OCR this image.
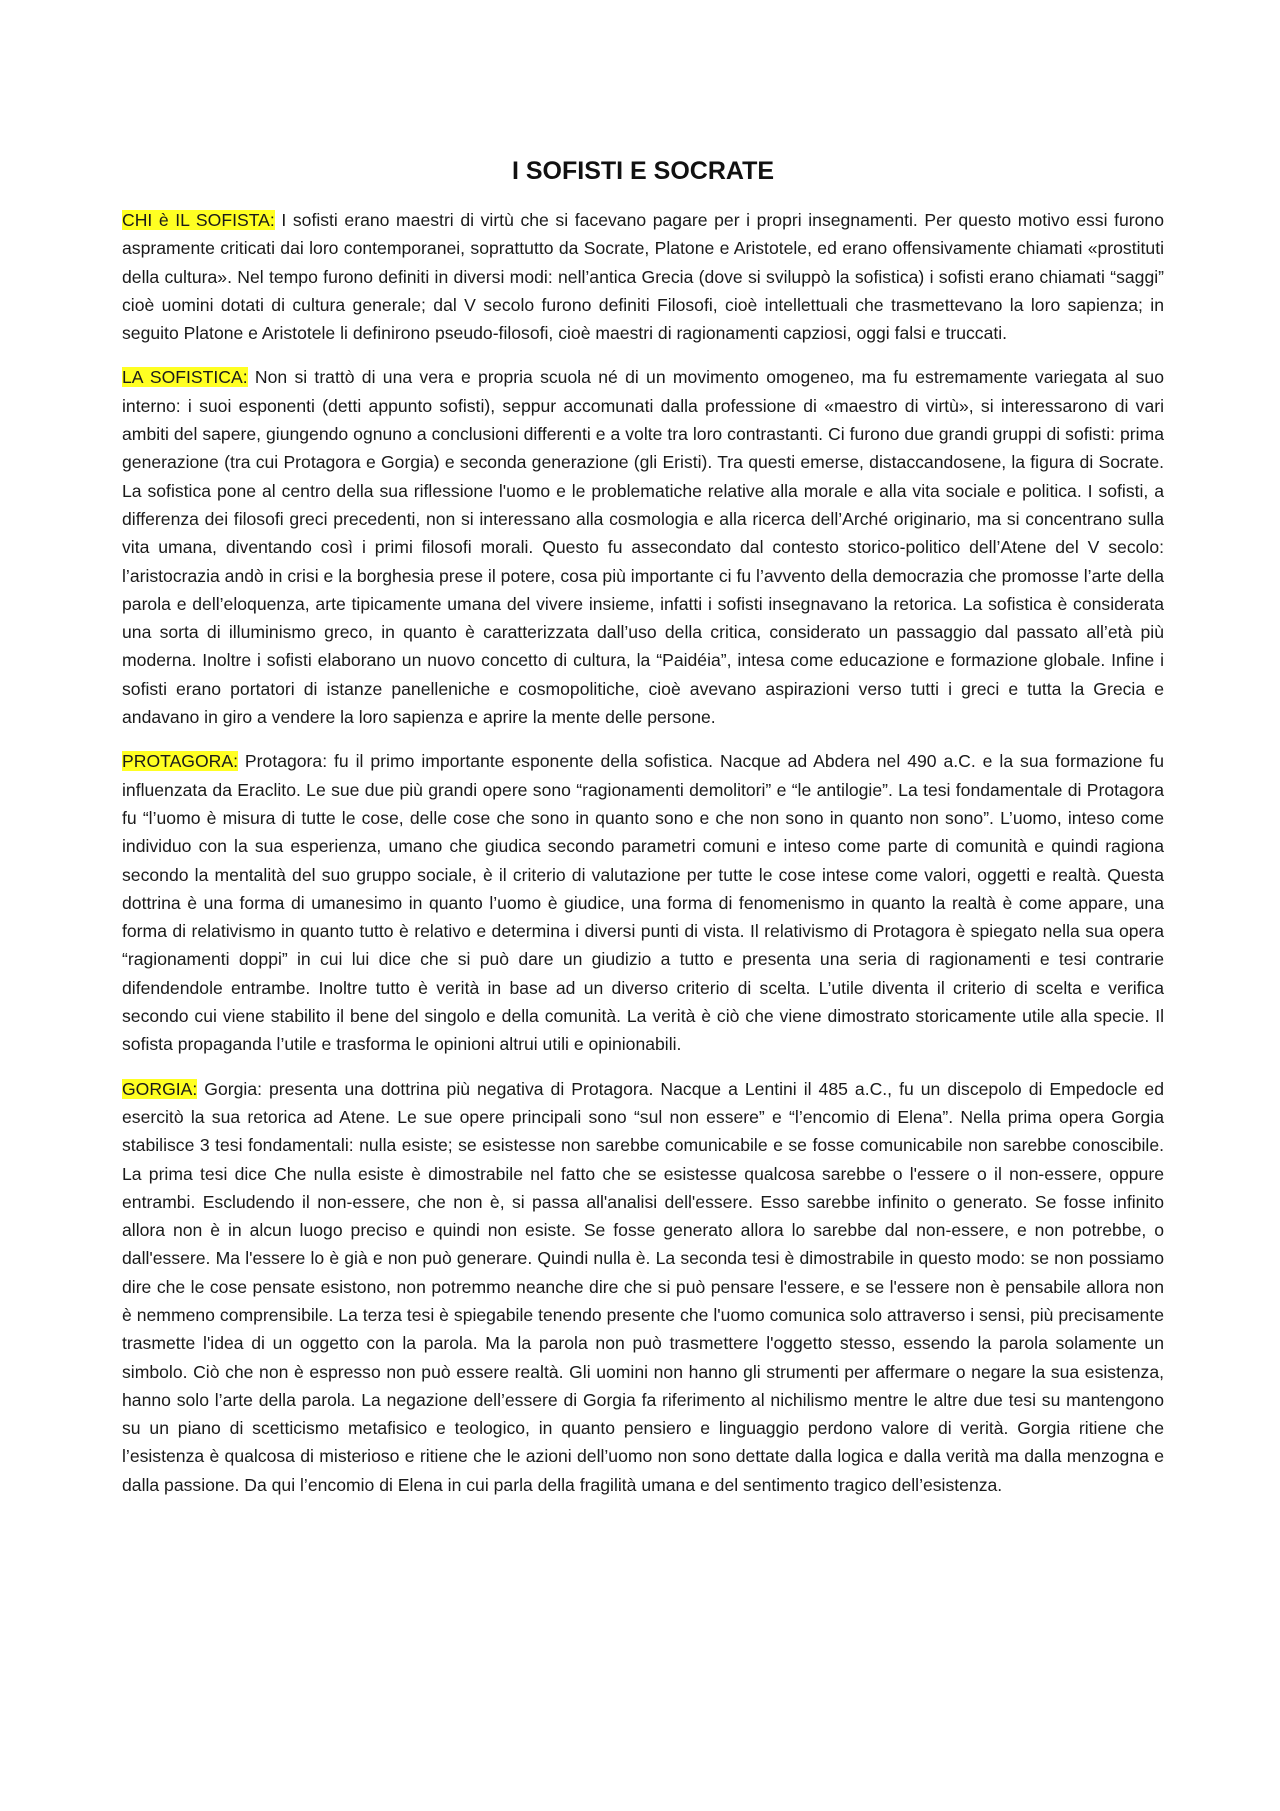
I SOFISTI E SOCRATE

CHI è IL SOFISTA: I sofisti erano maestri di virtù che si facevano pagare per i propri insegnamenti. Per questo motivo essi furono aspramente criticati dai loro contemporanei, soprattutto da Socrate, Platone e Aristotele, ed erano offensivamente chiamati «prostituti della cultura». Nel tempo furono definiti in diversi modi: nell’antica Grecia (dove si sviluppò la sofistica) i sofisti erano chiamati “saggi” cioè uomini dotati di cultura generale; dal V secolo furono definiti Filosofi, cioè intellettuali che trasmettevano la loro sapienza; in seguito Platone e Aristotele li definirono pseudo-filosofi, cioè maestri di ragionamenti capziosi, oggi falsi e truccati.

LA SOFISTICA: Non si trattò di una vera e propria scuola né di un movimento omogeneo, ma fu estremamente variegata al suo interno: i suoi esponenti (detti appunto sofisti), seppur accomunati dalla professione di «maestro di virtù», si interessarono di vari ambiti del sapere, giungendo ognuno a conclusioni differenti e a volte tra loro contrastanti. Ci furono due grandi gruppi di sofisti: prima generazione (tra cui Protagora e Gorgia) e seconda generazione (gli Eristi). Tra questi emerse, distaccandosene, la figura di Socrate. La sofistica pone al centro della sua riflessione l'uomo e le problematiche relative alla morale e alla vita sociale e politica. I sofisti, a differenza dei filosofi greci precedenti, non si interessano alla cosmologia e alla ricerca dell’Arché originario, ma si concentrano sulla vita umana, diventando così i primi filosofi morali. Questo fu assecondato dal contesto storico-politico dell’Atene del V secolo: l’aristocrazia andò in crisi e la borghesia prese il potere, cosa più importante ci fu l’avvento della democrazia che promosse l’arte della parola e dell’eloquenza, arte tipicamente umana del vivere insieme, infatti i sofisti insegnavano la retorica. La sofistica è considerata una sorta di illuminismo greco, in quanto è caratterizzata dall’uso della critica, considerato un passaggio dal passato all’età più moderna. Inoltre i sofisti elaborano un nuovo concetto di cultura, la “Paidéia”, intesa come educazione e formazione globale. Infine i sofisti erano portatori di istanze panelleniche e cosmopolitiche, cioè avevano aspirazioni verso tutti i greci e tutta la Grecia e andavano in giro a vendere la loro sapienza e aprire la mente delle persone.

PROTAGORA: Protagora: fu il primo importante esponente della sofistica. Nacque ad Abdera nel 490 a.C. e la sua formazione fu influenzata da Eraclito. Le sue due più grandi opere sono “ragionamenti demolitori” e “le antilogie”. La tesi fondamentale di Protagora fu “l’uomo è misura di tutte le cose, delle cose che sono in quanto sono e che non sono in quanto non sono”. L’uomo, inteso come individuo con la sua esperienza, umano che giudica secondo parametri comuni e inteso come parte di comunità e quindi ragiona secondo la mentalità del suo gruppo sociale, è il criterio di valutazione per tutte le cose intese come valori, oggetti e realtà. Questa dottrina è una forma di umanesimo in quanto l’uomo è giudice, una forma di fenomenismo in quanto la realtà è come appare, una forma di relativismo in quanto tutto è relativo e determina i diversi punti di vista. Il relativismo di Protagora è spiegato nella sua opera “ragionamenti doppi” in cui lui dice che si può dare un giudizio a tutto e presenta una seria di ragionamenti e tesi contrarie difendendole entrambe. Inoltre tutto è verità in base ad un diverso criterio di scelta. L’utile diventa il criterio di scelta e verifica secondo cui viene stabilito il bene del singolo e della comunità. La verità è ciò che viene dimostrato storicamente utile alla specie. Il sofista propaganda l’utile e trasforma le opinioni altrui utili e opinionabili.

GORGIA: Gorgia: presenta una dottrina più negativa di Protagora. Nacque a Lentini il 485 a.C., fu un discepolo di Empedocle ed esercitò la sua retorica ad Atene. Le sue opere principali sono “sul non essere” e “l’encomio di Elena”. Nella prima opera Gorgia stabilisce 3 tesi fondamentali: nulla esiste; se esistesse non sarebbe comunicabile e se fosse comunicabile non sarebbe conoscibile. La prima tesi dice Che nulla esiste è dimostrabile nel fatto che se esistesse qualcosa sarebbe o l'essere o il non-essere, oppure entrambi. Escludendo il non-essere, che non è, si passa all'analisi dell'essere. Esso sarebbe infinito o generato. Se fosse infinito allora non è in alcun luogo preciso e quindi non esiste. Se fosse generato allora lo sarebbe dal non-essere, e non potrebbe, o dall'essere. Ma l'essere lo è già e non può generare. Quindi nulla è. La seconda tesi è dimostrabile in questo modo: se non possiamo dire che le cose pensate esistono, non potremmo neanche dire che si può pensare l'essere, e se l'essere non è pensabile allora non è nemmeno comprensibile. La terza tesi è spiegabile tenendo presente che l'uomo comunica solo attraverso i sensi, più precisamente trasmette l'idea di un oggetto con la parola. Ma la parola non può trasmettere l'oggetto stesso, essendo la parola solamente un simbolo. Ciò che non è espresso non può essere realtà. Gli uomini non hanno gli strumenti per affermare o negare la sua esistenza, hanno solo l’arte della parola. La negazione dell’essere di Gorgia fa riferimento al nichilismo mentre le altre due tesi su mantengono su un piano di scetticismo metafisico e teologico, in quanto pensiero e linguaggio perdono valore di verità. Gorgia ritiene che l’esistenza è qualcosa di misterioso e ritiene che le azioni dell’uomo non sono dettate dalla logica e dalla verità ma dalla menzogna e dalla passione. Da qui l’encomio di Elena in cui parla della fragilità umana e del sentimento tragico dell’esistenza.
